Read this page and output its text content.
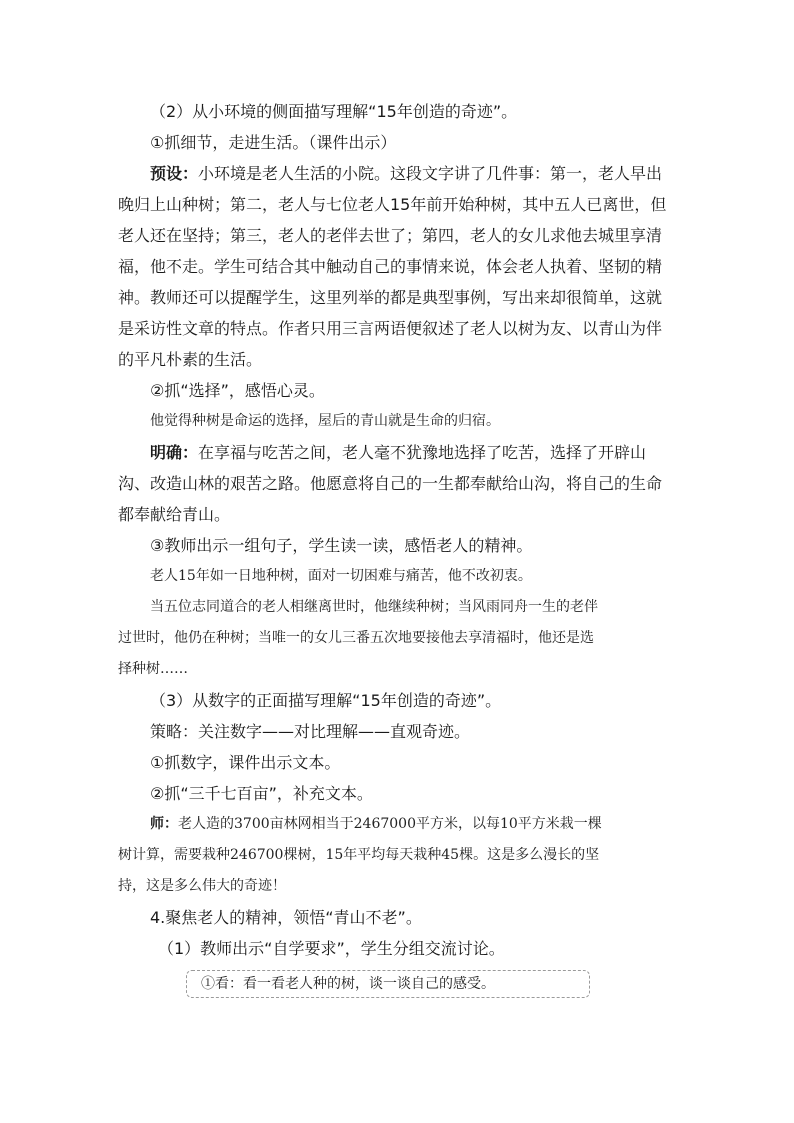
（2）从小环境的侧面描写理解“15年创造的奇迹”。
①抓细节，走进生活。（课件出示）

预设：小环境是老人生活的小院。这段文字讲了几件事：第一，老人早出

晚归上山种树；第二，老人与七位老人15年前开始种树，其中五人已离世，但

老人还在坚持；第三，老人的老伴去世了；第四，老人的女儿求他去城里享清

福，他不走。学生可结合其中触动自己的事情来说，体会老人执着、坚韧的精

神。教师还可以提醒学生，这里列举的都是典型事例，写出来却很简单，这就

是采访性文章的特点。作者只用三言两语便叙述了老人以树为友、以青山为伴

的平凡朴素的生活。

②抓“选择”，感悟心灵。
他觉得种树是命运的选择，屋后的青山就是生命的归宿。

明确：在享福与吃苦之间，老人毫不犹豫地选择了吃苦，选择了开辟山

沟、改造山林的艰苦之路。他愿意将自己的一生都奉献给山沟，将自己的生命

都奉献给青山。

③教师出示一组句子，学生读一读，感悟老人的精神。
老人15年如一日地种树，面对一切困难与痛苦，他不改初衷。

当五位志同道合的老人相继离世时，他继续种树；当风雨同舟一生的老伴

过世时，他仍在种树；当唯一的女儿三番五次地要接他去享清福时，他还是选

择种树……

（3）从数字的正面描写理解“15年创造的奇迹”。
策略：关注数字——对比理解——直观奇迹。
①抓数字，课件出示文本。
②抓“三千七百亩”，补充文本。

师：老人造的3700亩林网相当于2467000平方米，以每10平方米栽一棵

树计算，需要栽种246700棵树，15年平均每天栽种45棵。这是多么漫长的坚

持，这是多么伟大的奇迹！

4.聚焦老人的精神，领悟“青山不老”。
（1）教师出示“自学要求”，学生分组交流讨论。
①看：看一看老人种的树，谈一谈自己的感受。
